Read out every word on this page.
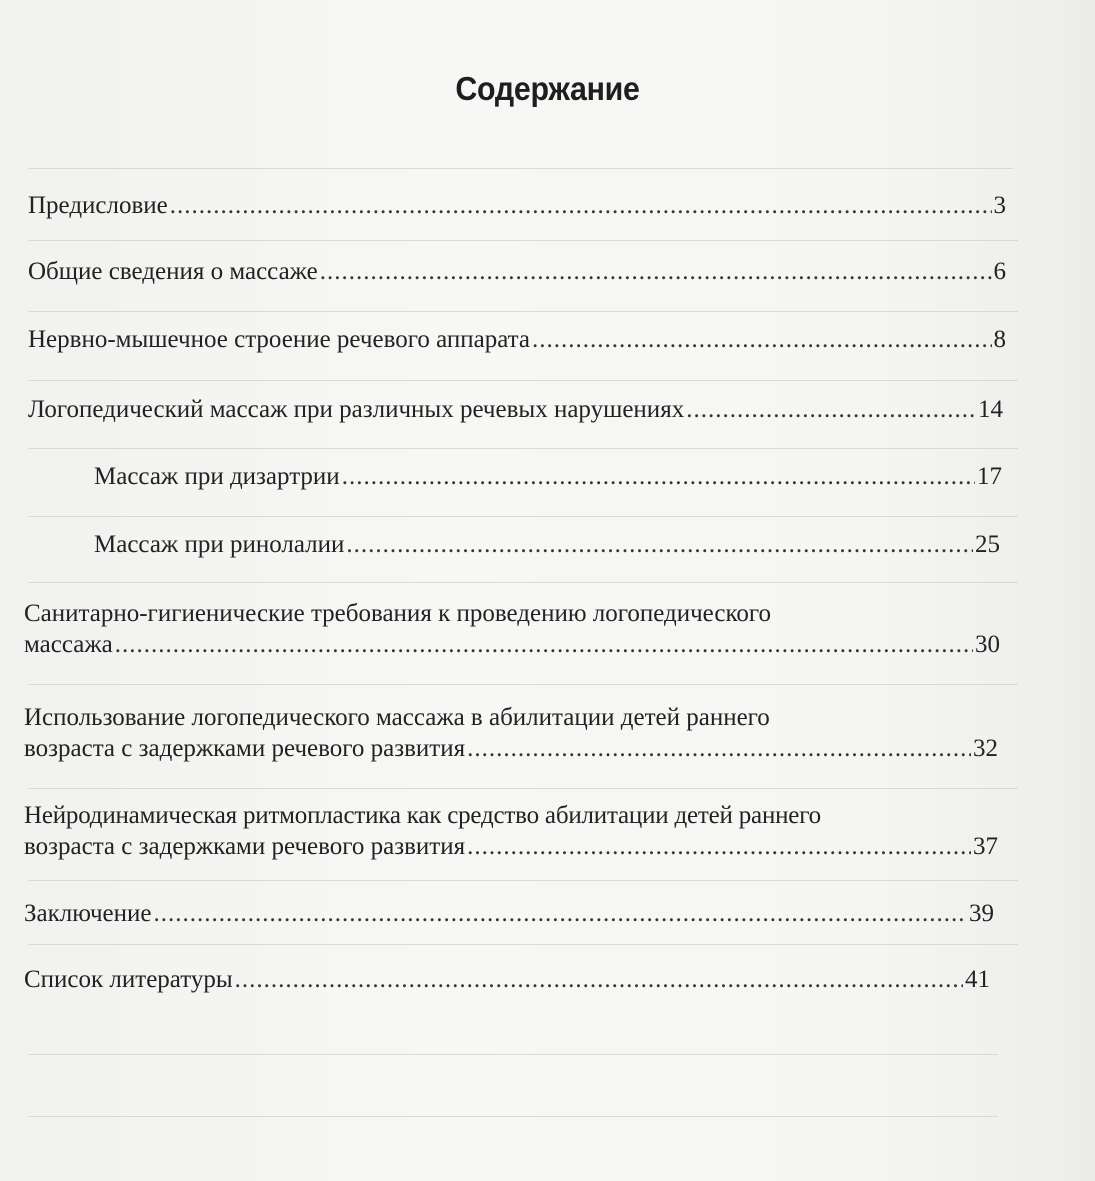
Содержание
Предисловие .....	3
Общие сведения о массаже .....	6
Нервно-мышечное строение речевого аппарата .....	8
Логопедический массаж при различных речевых нарушениях .....	14
Массаж при дизартрии .....	17
Массаж при ринолалии .....	25
Санитарно-гигиенические требования к проведению логопедического
массажа .....	30
Использование логопедического массажа в абилитации детей раннего
возраста с задержками речевого развития .....	32
Нейродинамическая ритмопластика как средство абилитации детей раннего
возраста с задержками речевого развития .....	37
Заключение .....	39
Список литературы .....	41
